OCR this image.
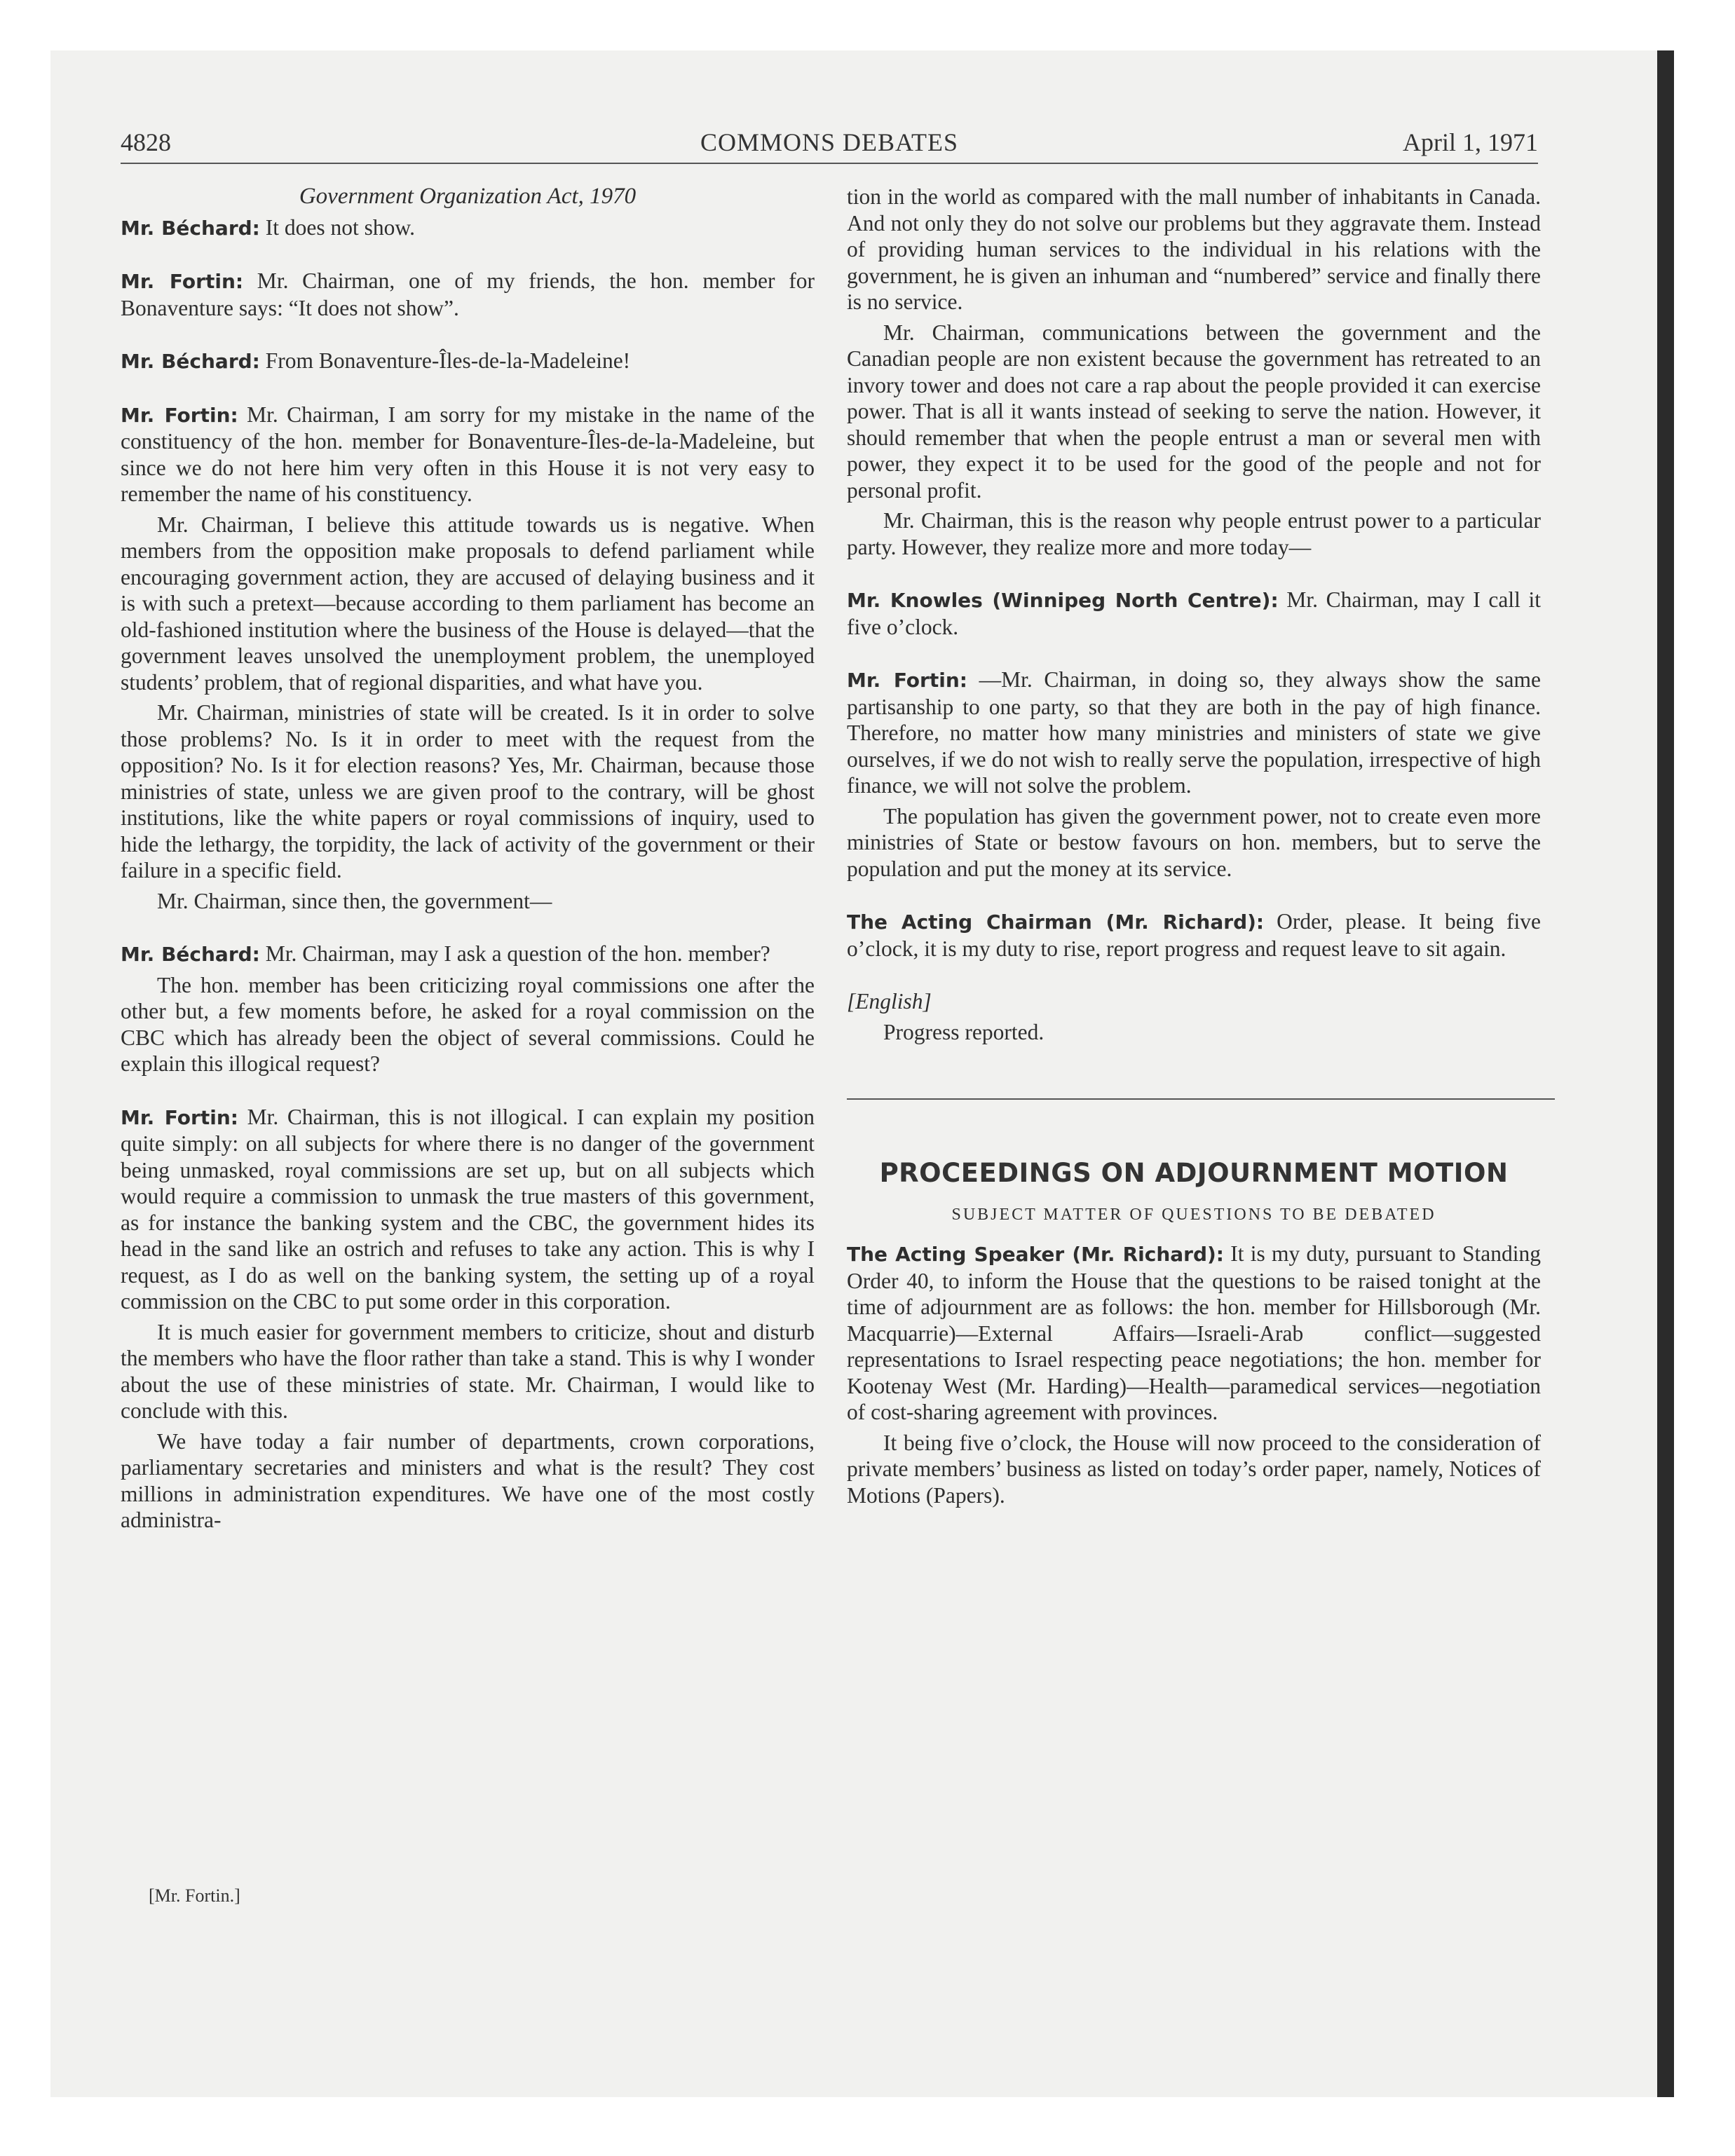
4828	COMMONS DEBATES	April 1, 1971
Government Organization Act, 1970

Mr. Béchard: It does not show.

Mr. Fortin: Mr. Chairman, one of my friends, the hon. member for Bonaventure says: “It does not show”.

Mr. Béchard: From Bonaventure-Îles-de-la-Madeleine!

Mr. Fortin: Mr. Chairman, I am sorry for my mistake in the name of the constituency of the hon. member for Bonaventure-Îles-de-la-Madeleine, but since we do not here him very often in this House it is not very easy to remember the name of his constituency.

Mr. Chairman, I believe this attitude towards us is negative. When members from the opposition make proposals to defend parliament while encouraging government action, they are accused of delaying business and it is with such a pretext—because according to them parliament has become an old-fashioned institution where the business of the House is delayed—that the government leaves unsolved the unemployment problem, the unemployed students’ problem, that of regional disparities, and what have you.

Mr. Chairman, ministries of state will be created. Is it in order to solve those problems? No. Is it in order to meet with the request from the opposition? No. Is it for election reasons? Yes, Mr. Chairman, because those ministries of state, unless we are given proof to the contrary, will be ghost institutions, like the white papers or royal commissions of inquiry, used to hide the lethargy, the torpidity, the lack of activity of the government or their failure in a specific field.

Mr. Chairman, since then, the government—

Mr. Béchard: Mr. Chairman, may I ask a question of the hon. member?

The hon. member has been criticizing royal commissions one after the other but, a few moments before, he asked for a royal commission on the CBC which has already been the object of several commissions. Could he explain this illogical request?

Mr. Fortin: Mr. Chairman, this is not illogical. I can explain my position quite simply: on all subjects for where there is no danger of the government being unmasked, royal commissions are set up, but on all subjects which would require a commission to unmask the true masters of this government, as for instance the banking system and the CBC, the government hides its head in the sand like an ostrich and refuses to take any action. This is why I request, as I do as well on the banking system, the setting up of a royal commission on the CBC to put some order in this corporation.

It is much easier for government members to criticize, shout and disturb the members who have the floor rather than take a stand. This is why I wonder about the use of these ministries of state. Mr. Chairman, I would like to conclude with this.

We have today a fair number of departments, crown corporations, parliamentary secretaries and ministers and what is the result? They cost millions in administration expenditures. We have one of the most costly administra-

[Mr. Fortin.]

tion in the world as compared with the mall number of inhabitants in Canada. And not only they do not solve our problems but they aggravate them. Instead of providing human services to the individual in his relations with the government, he is given an inhuman and “numbered” service and finally there is no service.

Mr. Chairman, communications between the government and the Canadian people are non existent because the government has retreated to an invory tower and does not care a rap about the people provided it can exercise power. That is all it wants instead of seeking to serve the nation. However, it should remember that when the people entrust a man or several men with power, they expect it to be used for the good of the people and not for personal profit.

Mr. Chairman, this is the reason why people entrust power to a particular party. However, they realize more and more today—

Mr. Knowles (Winnipeg North Centre): Mr. Chairman, may I call it five o’clock.

Mr. Fortin: —Mr. Chairman, in doing so, they always show the same partisanship to one party, so that they are both in the pay of high finance. Therefore, no matter how many ministries and ministers of state we give ourselves, if we do not wish to really serve the population, irrespective of high finance, we will not solve the problem.

The population has given the government power, not to create even more ministries of State or bestow favours on hon. members, but to serve the population and put the money at its service.

The Acting Chairman (Mr. Richard): Order, please. It being five o’clock, it is my duty to rise, report progress and request leave to sit again.

[English]

Progress reported.

PROCEEDINGS ON ADJOURNMENT MOTION
SUBJECT MATTER OF QUESTIONS TO BE DEBATED

The Acting Speaker (Mr. Richard): It is my duty, pursuant to Standing Order 40, to inform the House that the questions to be raised tonight at the time of adjournment are as follows: the hon. member for Hillsborough (Mr. Macquarrie)—External Affairs—Israeli-Arab conflict—suggested representations to Israel respecting peace negotiations; the hon. member for Kootenay West (Mr. Harding)—Health—paramedical services—negotiation of cost-sharing agreement with provinces.

It being five o’clock, the House will now proceed to the consideration of private members’ business as listed on today’s order paper, namely, Notices of Motions (Papers).
